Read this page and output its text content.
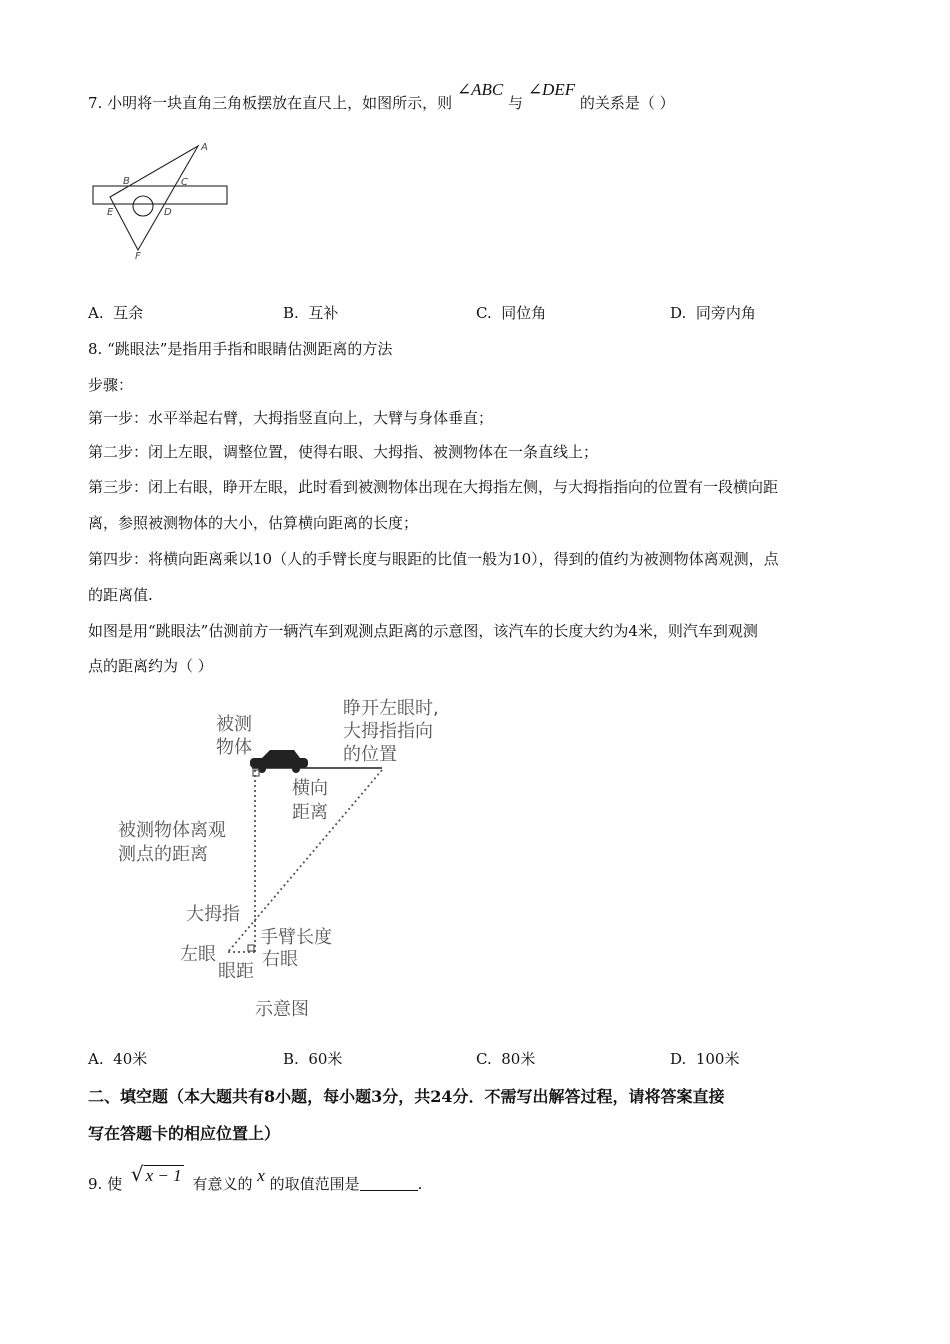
7. 小明将一块直角三角板摆放在直尺上，如图所示，则 ∠ABC 与 ∠DEF 的关系是（ ）
A
B	C
E	D
F
A. 互余	B. 互补	C. 同位角	D. 同旁内角
8. “跳眼法”是指用手指和眼睛估测距离的方法
步骤：
第一步：水平举起右臂，大拇指竖直向上，大臂与身体垂直；
第二步：闭上左眼，调整位置，使得右眼、大拇指、被测物体在一条直线上；
第三步：闭上右眼，睁开左眼，此时看到被测物体出现在大拇指左侧，与大拇指指向的位置有一段横向距
离，参照被测物体的大小，估算横向距离的长度；
第四步：将横向距离乘以10（人的手臂长度与眼距的比值一般为10），得到的值约为被测物体离观测，点
的距离值.
如图是用“跳眼法”估测前方一辆汽车到观测点距离的示意图，该汽车的长度大约为4米，则汽车到观测
点的距离约为（ ）
被测
物体
睁开左眼时,
大拇指指向
的位置
横向
距离
被测物体离观
测点的距离
大拇指
手臂长度
左眼	右眼
眼距
示意图
A. 40米	B. 60米	C. 80米	D. 100米
二、填空题（本大题共有8小题，每小题3分，共24分．不需写出解答过程，请将答案直接
写在答题卡的相应位置上）
9. 使 √ x − 1 有意义的 x 的取值范围是	.
